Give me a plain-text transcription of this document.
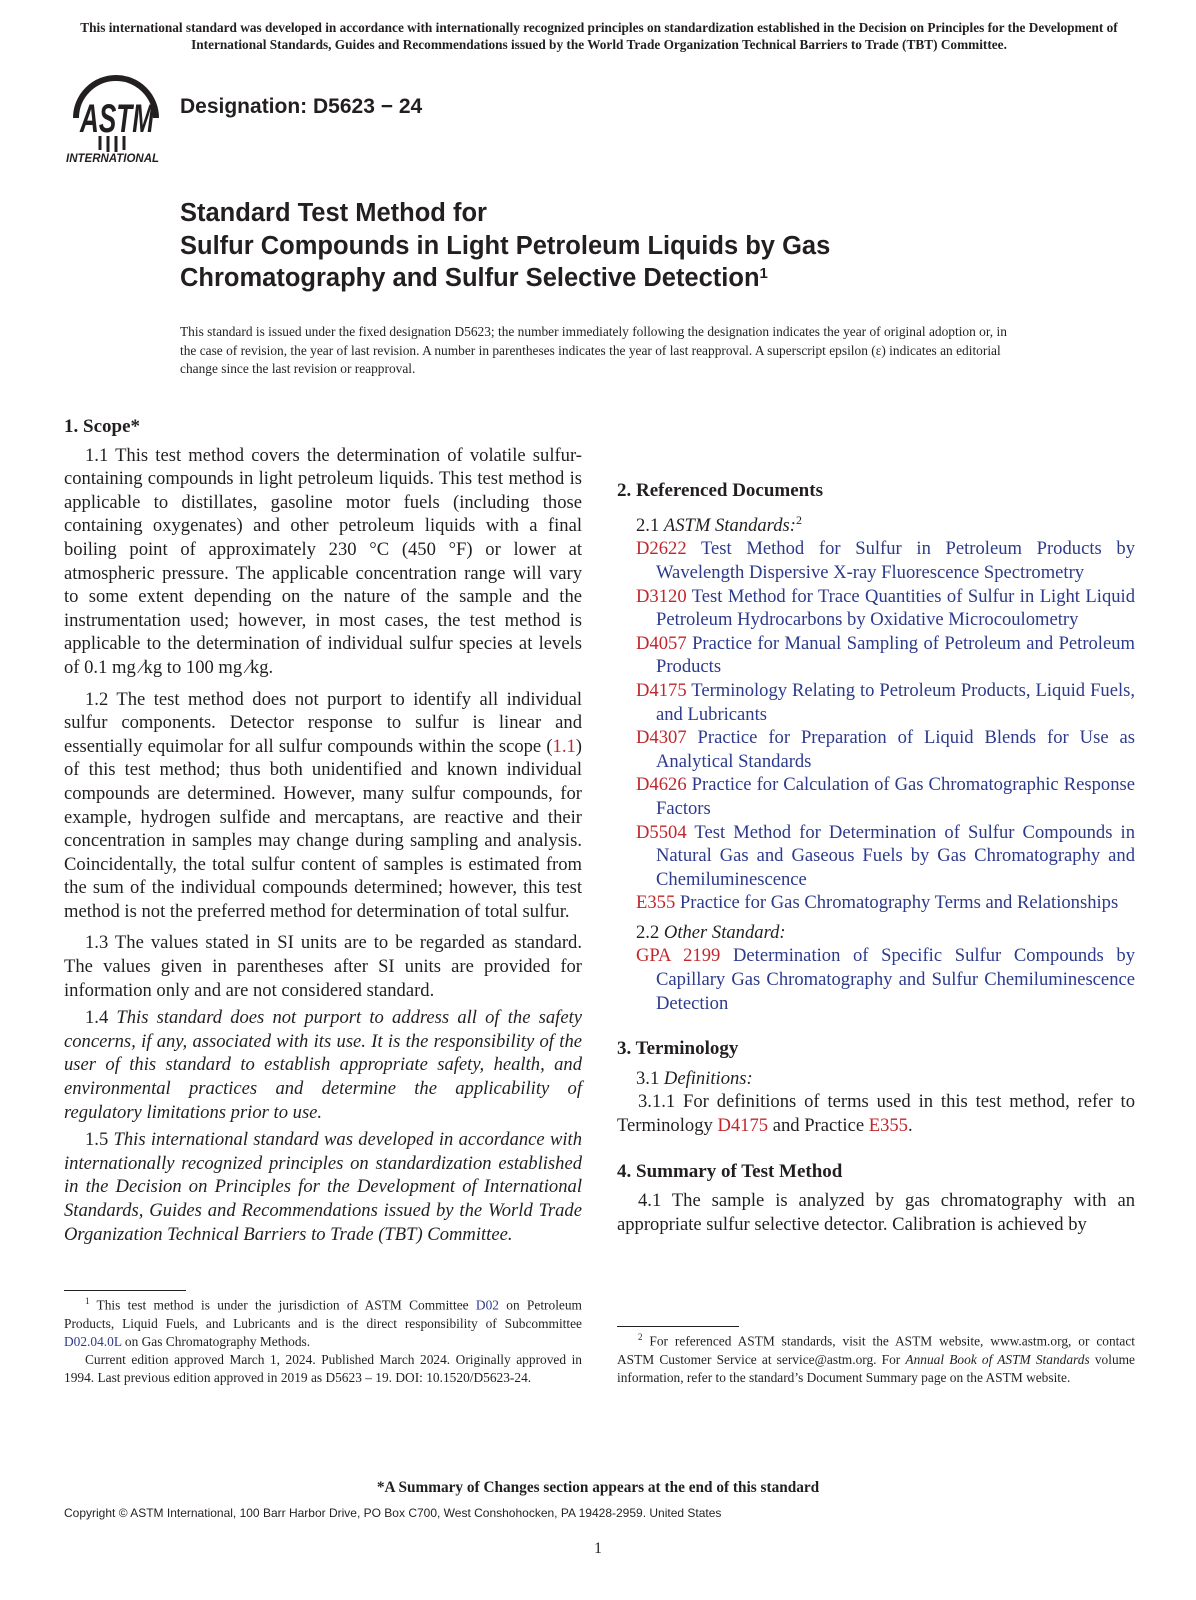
This international standard was developed in accordance with internationally recognized principles on standardization established in the Decision on Principles for the Development of International Standards, Guides and Recommendations issued by the World Trade Organization Technical Barriers to Trade (TBT) Committee.
ASTM
INTERNATIONAL
Designation: D5623 − 24
Standard Test Method for
Sulfur Compounds in Light Petroleum Liquids by Gas
Chromatography and Sulfur Selective Detection$^1$
This standard is issued under the fixed designation D5623; the number immediately following the designation indicates the year of original adoption or, in the case of revision, the year of last revision. A number in parentheses indicates the year of last reapproval. A superscript epsilon (ε) indicates an editorial change since the last revision or reapproval.

1. Scope*

1.1 This test method covers the determination of volatile sulfur-containing compounds in light petroleum liquids. This test method is applicable to distillates, gasoline motor fuels (including those containing oxygenates) and other petroleum liquids with a final boiling point of approximately 230 °C (450 °F) or lower at atmospheric pressure. The applicable concentration range will vary to some extent depending on the nature of the sample and the instrumentation used; however, in most cases, the test method is applicable to the determination of individual sulfur species at levels of 0.1 mg ⁄kg to 100 mg ⁄kg.

1.2 The test method does not purport to identify all individual sulfur components. Detector response to sulfur is linear and essentially equimolar for all sulfur compounds within the scope (1.1) of this test method; thus both unidentified and known individual compounds are determined. However, many sulfur compounds, for example, hydrogen sulfide and mercaptans, are reactive and their concentration in samples may change during sampling and analysis. Coincidentally, the total sulfur content of samples is estimated from the sum of the individual compounds determined; however, this test method is not the preferred method for determination of total sulfur.

1.3 The values stated in SI units are to be regarded as standard. The values given in parentheses after SI units are provided for information only and are not considered standard.

1.4 This standard does not purport to address all of the safety concerns, if any, associated with its use. It is the responsibility of the user of this standard to establish appropriate safety, health, and environmental practices and determine the applicability of regulatory limitations prior to use.

1.5 This international standard was developed in accordance with internationally recognized principles on standardization established in the Decision on Principles for the Development of International Standards, Guides and Recommendations issued by the World Trade Organization Technical Barriers to Trade (TBT) Committee.

2. Referenced Documents

2.1 ASTM Standards:$^2$

D2622 Test Method for Sulfur in Petroleum Products by Wavelength Dispersive X-ray Fluorescence Spectrometry

D3120 Test Method for Trace Quantities of Sulfur in Light Liquid Petroleum Hydrocarbons by Oxidative Microcoulometry

D4057 Practice for Manual Sampling of Petroleum and Petroleum Products

D4175 Terminology Relating to Petroleum Products, Liquid Fuels, and Lubricants

D4307 Practice for Preparation of Liquid Blends for Use as Analytical Standards

D4626 Practice for Calculation of Gas Chromatographic Response Factors

D5504 Test Method for Determination of Sulfur Compounds in Natural Gas and Gaseous Fuels by Gas Chromatography and Chemiluminescence

E355 Practice for Gas Chromatography Terms and Relationships

2.2 Other Standard:

GPA 2199 Determination of Specific Sulfur Compounds by Capillary Gas Chromatography and Sulfur Chemiluminescence Detection

3. Terminology

3.1 Definitions:

3.1.1 For definitions of terms used in this test method, refer to Terminology D4175 and Practice E355.

4. Summary of Test Method

4.1 The sample is analyzed by gas chromatography with an appropriate sulfur selective detector. Calibration is achieved by

$^1$ This test method is under the jurisdiction of ASTM Committee D02 on Petroleum Products, Liquid Fuels, and Lubricants and is the direct responsibility of Subcommittee D02.04.0L on Gas Chromatography Methods.

Current edition approved March 1, 2024. Published March 2024. Originally approved in 1994. Last previous edition approved in 2019 as D5623 – 19. DOI: 10.1520/D5623-24.

$^2$ For referenced ASTM standards, visit the ASTM website, www.astm.org, or contact ASTM Customer Service at service@astm.org. For Annual Book of ASTM Standards volume information, refer to the standard’s Document Summary page on the ASTM website.

*A Summary of Changes section appears at the end of this standard
Copyright © ASTM International, 100 Barr Harbor Drive, PO Box C700, West Conshohocken, PA 19428-2959. United States
1
